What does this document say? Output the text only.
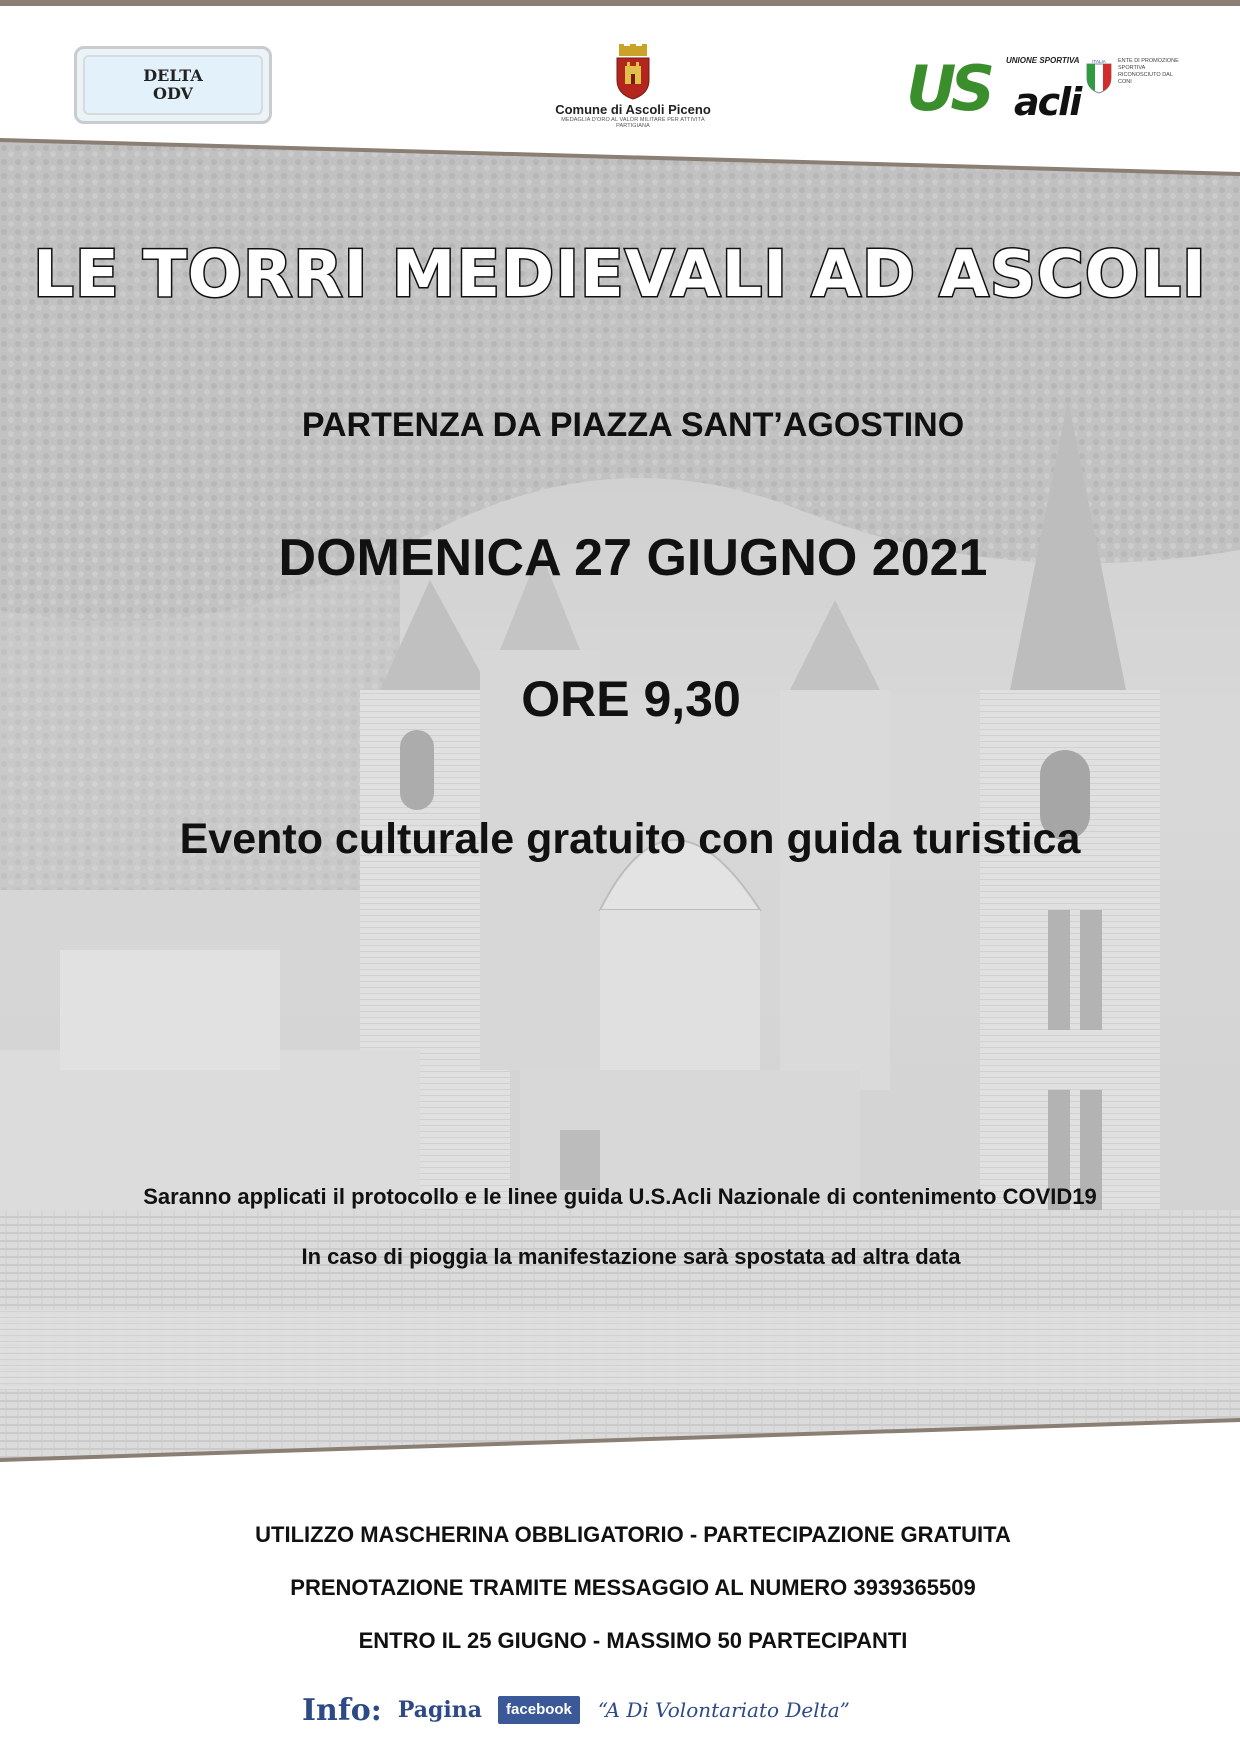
DELTA
ODV
Comune di Ascoli Piceno
MEDAGLIA D'ORO AL VALOR MILITARE PER ATTIVITÀ PARTIGIANA
UNIONE SPORTIVA
US acli
ITALIA ENTE DI PROMOZIONE SPORTIVA RICONOSCIUTO DAL CONI
LE TORRI MEDIEVALI AD ASCOLI
PARTENZA DA PIAZZA SANT’AGOSTINO
DOMENICA 27 GIUGNO 2021
ORE 9,30
Evento culturale gratuito con guida turistica
Saranno applicati il protocollo e le linee guida U.S.Acli Nazionale di contenimento COVID19
In caso di pioggia la manifestazione sarà spostata ad altra data
UTILIZZO MASCHERINA OBBLIGATORIO - PARTECIPAZIONE GRATUITA
PRENOTAZIONE TRAMITE MESSAGGIO AL NUMERO 3939365509
ENTRO IL 25 GIUGNO - MASSIMO 50 PARTECIPANTI
Info: Pagina	facebook	“A Di Volontariato Delta”
